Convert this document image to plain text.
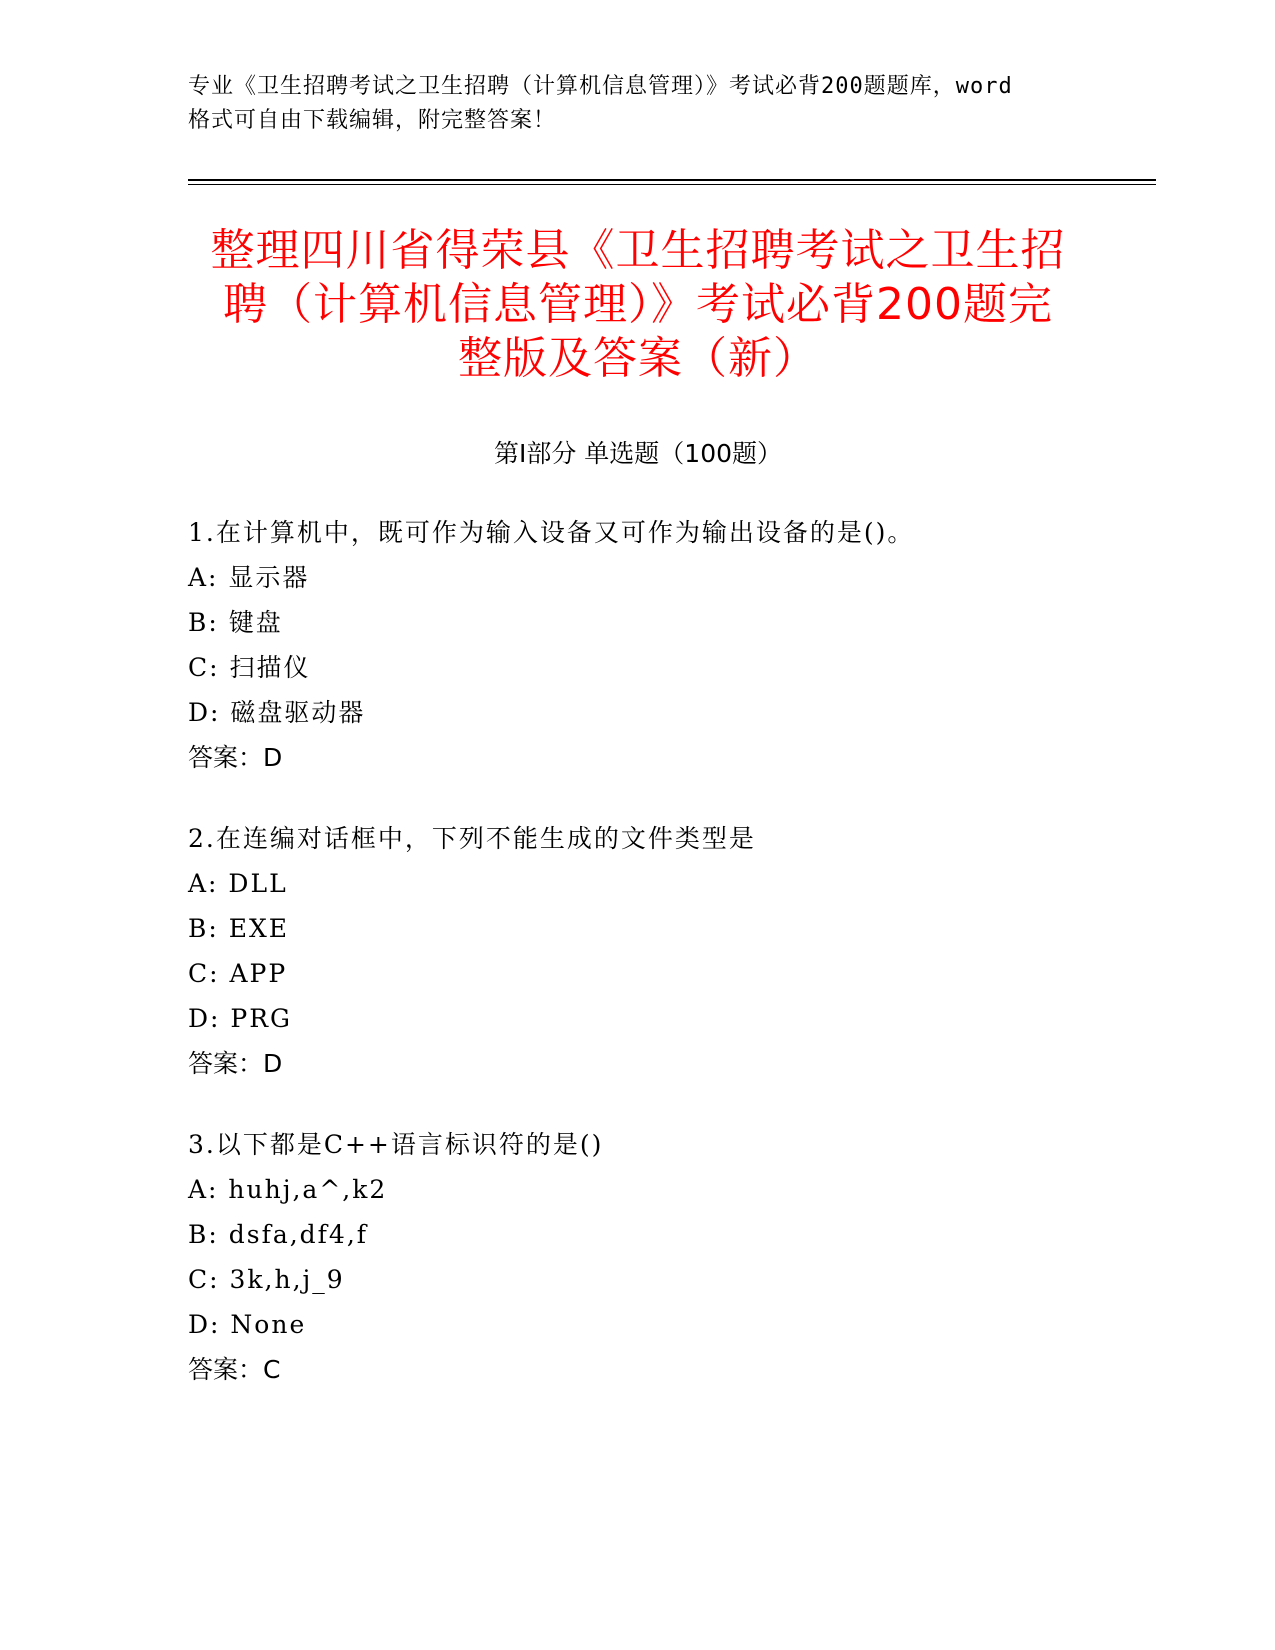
专业《卫生招聘考试之卫生招聘（计算机信息管理）》考试必背200题题库，word
格式可自由下载编辑，附完整答案！
整理四川省得荣县《卫生招聘考试之卫生招
聘（计算机信息管理）》考试必背200题完
整版及答案（新）
第I部分 单选题（100题）
1.在计算机中，既可作为输入设备又可作为输出设备的是()。
A: 显示器
B: 键盘
C: 扫描仪
D: 磁盘驱动器
答案：D
2.在连编对话框中，下列不能生成的文件类型是
A: DLL
B: EXE
C: APP
D: PRG
答案：D
3.以下都是C++语言标识符的是()
A: huhj,a^,k2
B: dsfa,df4,f
C: 3k,h,j_9
D: None
答案：C
